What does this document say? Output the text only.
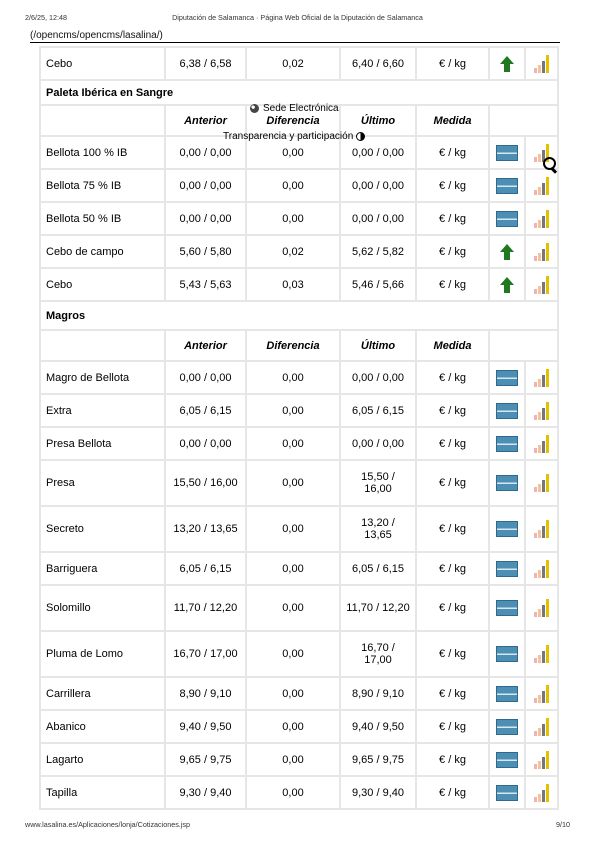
2/6/25, 12:48	Diputación de Salamanca · Página Web Oficial de la Diputación de Salamanca
(/opencms/opencms/lasalina/)
Cebo	6,38 / 6,58	0,02	6,40 / 6,60	€ / kg	

Paleta Ibérica en Sangre						
	Anterior	Diferencia	Último	Medida		
Bellota 100 % IB	0,00 / 0,00	0,00	0,00 / 0,00	€ / kg		

Bellota 75 % IB	0,00 / 0,00	0,00	0,00 / 0,00	€ / kg		

Bellota 50 % IB	0,00 / 0,00	0,00	0,00 / 0,00	€ / kg		

Cebo de campo	5,60 / 5,80	0,02	5,62 / 5,82	€ / kg	

Cebo	5,43 / 5,63	0,03	5,46 / 5,66	€ / kg	

Magros						
	Anterior	Diferencia	Último	Medida		
Magro de Bellota	0,00 / 0,00	0,00	0,00 / 0,00	€ / kg		

Extra	6,05 / 6,15	0,00	6,05 / 6,15	€ / kg		

Presa Bellota	0,00 / 0,00	0,00	0,00 / 0,00	€ / kg		

Presa	15,50 / 16,00	0,00	15,50 / 16,00	€ / kg		

Secreto	13,20 / 13,65	0,00	13,20 / 13,65	€ / kg		

Barriguera	6,05 / 6,15	0,00	6,05 / 6,15	€ / kg		

Solomillo	11,70 / 12,20	0,00	11,70 / 12,20	€ / kg		

Pluma de Lomo	16,70 / 17,00	0,00	16,70 / 17,00	€ / kg		

Carrillera	8,90 / 9,10	0,00	8,90 / 9,10	€ / kg		

Abanico	9,40 / 9,50	0,00	9,40 / 9,50	€ / kg		

Lagarto	9,65 / 9,75	0,00	9,65 / 9,75	€ / kg		

Tapilla	9,30 / 9,40	0,00	9,30 / 9,40	€ / kg		
Sede Electrónica
Transparencia y participación
www.lasalina.es/Aplicaciones/lonja/Cotizaciones.jsp	9/10
